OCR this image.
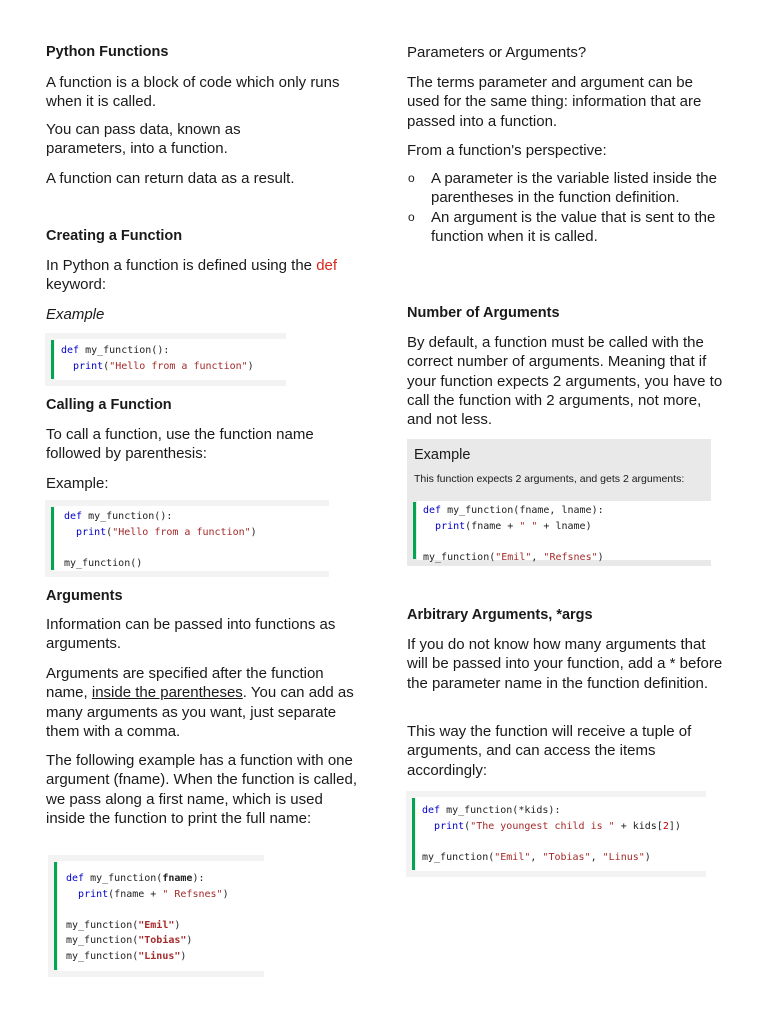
Python Functions

A function is a block of code which only runs when it is called.

You can pass data, known as parameters, into a function.

A function can return data as a result.

Creating a Function

In Python a function is defined using the def keyword:

Example

def my_function():
print("Hello from a function")
Calling a Function

To call a function, use the function name followed by parenthesis:

Example:

def my_function():
print("Hello from a function")

my_function()
Arguments

Information can be passed into functions as arguments.

Arguments are specified after the function name, inside the parentheses. You can add as many arguments as you want, just separate them with a comma.

The following example has a function with one argument (fname). When the function is called, we pass along a first name, which is used inside the function to print the full name:

def my_function(fname):
print(fname + " Refsnes")

my_function("Emil")
my_function("Tobias")
my_function("Linus")

Parameters or Arguments?

The terms parameter and argument can be used for the same thing: information that are passed into a function.

From a function's perspective:

o A parameter is the variable listed inside the parentheses in the function definition.
o An argument is the value that is sent to the function when it is called.
Number of Arguments

By default, a function must be called with the correct number of arguments. Meaning that if your function expects 2 arguments, you have to call the function with 2 arguments, not more, and not less.

Example
This function expects 2 arguments, and gets 2 arguments:
def my_function(fname, lname):
print(fname + " " + lname)

my_function("Emil", "Refsnes")
Arbitrary Arguments, *args

If you do not know how many arguments that will be passed into your function, add a * before the parameter name in the function definition.

This way the function will receive a tuple of arguments, and can access the items accordingly:

def my_function(*kids):
print("The youngest child is " + kids[2])

my_function("Emil", "Tobias", "Linus")
